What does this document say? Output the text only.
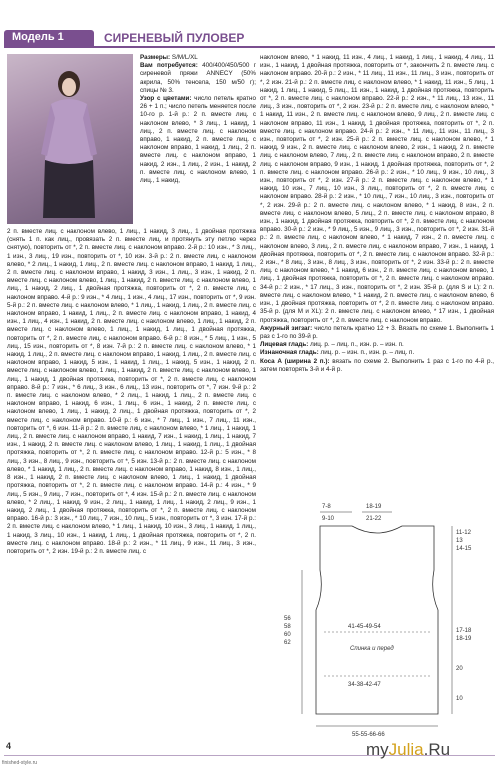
Модель 1	СИРЕНЕВЫЙ ПУЛОВЕР

Размеры: S/M/L/XL

Вам потребуется: 400/400/450/500 г сиреневой пряжи ANNECY (50% акрила, 50% тенсела, 150 м/50 г); спицы № 3.

Узор с цветами: число петель кратно 26 + 1 п.; число петель меняется после 10-го р. 1-й р.: 2 п. вместе лиц. с наклоном влево, * 3 лиц., 1 накид, 1 лиц., 2 п. вместе лиц. с наклоном вправо, 1 накид, 2 п. вместе лиц. с наклоном вправо, 1 накид, 1 лиц., 2 п. вместе лиц. с наклоном вправо, 1 накид, 2 изн., 1 лиц., 2 изн., 1 накид, 2 п. вместе лиц. с наклоном влево, 1 лиц., 1 накид,

2 п. вместе лиц. с наклоном влево, 1 лиц., 1 накид, 3 лиц., 1 двойная протяжка (снять 1 п. как лиц., провязать 2 п. вместе лиц. и протянуть эту петлю через снятую), повторить от *, 2 п. вместе лиц. с наклоном вправо. 2-й р.: 10 изн., * 3 лиц., 1 изн., 3 лиц., 19 изн., повторить от *, 10 изн. 3-й р.: 2 п. вместе лиц. с наклоном влево, * 2 лиц., 1 накид, 1 лиц., 2 п. вместе лиц. с наклоном вправо, 1 накид, 1 лиц., 2 п. вместе лиц. с наклоном вправо, 1 накид, 3 изн., 1 лиц., 3 изн., 1 накид, 2 п. вместе лиц. с наклоном влево, 1 лиц., 1 накид, 2 п. вместе лиц. с наклоном влево, 1 лиц., 1 накид, 2 лиц., 1 двойная протяжка, повторить от *, 2 п. вместе лиц. с наклоном вправо. 4-й р.: 9 изн., * 4 лиц., 1 изн., 4 лиц., 17 изн., повторить от *, 9 изн. 5-й р.: 2 п. вместе лиц. с наклоном влево, * 1 лиц., 1 накид, 1 лиц., 2 п. вместе лиц. с наклоном вправо, 1 накид, 1 лиц., 2 п. вместе лиц. с наклоном вправо, 1 накид, 4 изн., 1 лиц., 4 изн., 1 накид, 2 п. вместе лиц. с наклоном влево, 1 лиц., 1 накид, 2 п. вместе лиц. с наклоном влево, 1 лиц., 1 накид, 1 лиц., 1 двойная протяжка, повторить от *, 2 п. вместе лиц. с наклоном вправо. 6-й р.: 8 изн., * 5 лиц., 1 изн., 5 лиц., 15 изн., повторить от *, 8 изн. 7-й р.: 2 п. вместе лиц. с наклоном влево, * 1 накид, 1 лиц., 2 п. вместе лиц. с наклоном вправо, 1 накид, 1 лиц., 2 п. вместе лиц. с наклоном вправо, 1 накид, 5 изн., 1 накид, 1 лиц., 1 накид, 5 изн., 1 накид, 2 п. вместе лиц. с наклоном влево, 1 лиц., 1 накид, 2 п. вместе лиц. с наклоном влево, 1 лиц., 1 накид, 1 двойная протяжка, повторить от *, 2 п. вместе лиц. с наклоном вправо. 8-й р.: 7 изн., * 6 лиц., 3 изн., 6 лиц., 13 изн., повторить от *, 7 изн. 9-й р.: 2 п. вместе лиц. с наклоном влево, * 2 лиц., 1 накид, 1 лиц., 2 п. вместе лиц. с наклоном вправо, 1 накид, 6 изн., 1 лиц., 6 изн., 1 накид, 2 п. вместе лиц. с наклоном влево, 1 лиц., 1 накид, 2 лиц., 1 двойная протяжка, повторить от *, 2 вместе лиц. с наклоном вправо. 10-й р.: 6 изн., * 7 лиц., 1 изн., 7 лиц., 11 изн., повторить от *, 6 изн. 11-й р.: 2 п. вместе лиц. с наклоном влево, * 1 лиц., 1 накид, 1 лиц., 2 п. вместе лиц. с наклоном вправо, 1 накид, 7 изн., 1 накид, 1 лиц., 1 накид, 7 изн., 1 накид, 2 п. вместе лиц. с наклоном влево, 1 лиц., 1 накид, 1 лиц., 1 двойная протяжка, повторить от *, 2 п. вместе лиц. с наклоном вправо. 12-й р.: 5 изн., * 8 лиц., 3 изн., 8 лиц., 9 изн., повторить от *, 5 изн. 13-й р.: 2 п. вместе лиц. с наклоном влево, * 1 накид, 1 лиц., 2 п. вместе лиц. с наклоном вправо, 1 накид, 8 изн., 1 лиц., 8 изн., 1 накид, 2 п. вместе лиц. с наклоном влево, 1 лиц., 1 накид, 1 двойная протяжка, повторить от *, 2 п. вместе лиц. с наклоном вправо. 14-й р.: 4 изн., * 9 лиц., 5 изн., 9 лиц., 7 изн., повторить от *, 4 изн. 15-й р.: 2 п. вместе лиц. с наклоном влево, * 2 лиц., 1 накид, 9 изн., 2 лиц., 1 накид, 1 лиц., 1 накид, 2 лиц., 9 изн., 1 накид, 2 лиц., 1 двойная протяжка, повторить от *, 2 п. вместе лиц. с наклоном вправо. 16-й р.: 3 изн., * 10 лиц., 7 изн., 10 лиц., 5 изн., повторить от *, 3 изн. 17-й р.: 2 п. вместе лиц. с наклоном влево, * 1 лиц., 1 накид, 10 изн., 3 лиц., 1 накид, 1 лиц., 1 накид, 3 лиц., 10 изн., 1 накид, 1 лиц., 1 двойная протяжка, повторить от *, 2 п. вместе лиц. с наклоном вправо. 18-й р.: 2 изн., * 11 лиц., 9 изн., 11 лиц., 3 изн., повторить от *, 2 изн. 19-й р.: 2 п. вместе лиц. с

наклоном влево, * 1 накид, 11 изн., 4 лиц., 1 накид, 1 лиц., 1 накид, 4 лиц., 11 изн., 1 накид, 1 двойная протяжка, повторить от *, закончить 2 п. вместе лиц. с наклоном вправо. 20-й р.: 2 изн., * 11 лиц., 11 изн., 11 лиц., 3 изн., повторить от *, 2 изн. 21-й р.: 2 п. вместе лиц. с наклоном влево, * 1 накид, 11 изн., 5 лиц., 1 накид, 1 лиц., 1 накид, 5 лиц., 11 изн., 1 накид, 1 двойная протяжка, повторить от *, 2 п. вместе лиц. с наклоном вправо. 22-й р.: 2 изн., * 11 лиц., 13 изн., 11 лиц., 3 изн., повторить от *, 2 изн. 23-й р.: 2 п. вместе лиц. с наклоном влево, * 1 накид, 11 изн., 2 п. вместе лиц. с наклоном влево, 9 лиц., 2 п. вместе лиц. с наклоном вправо, 11 изн., 1 накид, 1 двойная протяжка, повторить от *, 2 п. вместе лиц. с наклоном вправо. 24-й р.: 2 изн., * 11 лиц., 11 изн., 11 лиц., 3 изн., повторить от *, 2 изн. 25-й р.: 2 п. вместе лиц. с наклоном влево, * 1 накид, 9 изн., 2 п. вместе лиц. с наклоном влево, 2 изн., 1 накид, 2 п. вместе лиц. с наклоном влево, 7 лиц., 2 п. вместе лиц. с наклоном вправо, 2 п. вместе лиц. с наклоном вправо, 9 изн., 1 накид, 1 двойная протяжка, повторить от *, 2 п. вместе лиц. с наклоном вправо. 26-й р.: 2 изн., * 10 лиц., 9 изн., 10 лиц., 3 изн., повторить от *, 2 изн. 27-й р.: 2 п. вместе лиц. с наклоном влево, * 1 накид, 10 изн., 7 лиц., 10 изн., 3 лиц., повторить от *, 2 п. вместе лиц. с наклоном вправо. 28-й р.: 2 изн., * 10 лиц., 7 изн., 10 лиц., 3 изн., повторить от *, 2 изн. 29-й р.: 2 п. вместе лиц. с наклоном влево, * 1 накид, 8 изн., 2 п. вместе лиц. с наклоном влево, 5 лиц., 2 п. вместе лиц. с наклоном вправо, 8 изн., 1 накид, 1 двойная протяжка, повторить от *, 2 п. вместе лиц. с наклоном вправо. 30-й р.: 2 изн., * 9 лиц., 5 изн., 9 лиц., 3 изн., повторить от *, 2 изн. 31-й р.: 2 п. вместе лиц. с наклоном влево, * 1 накид, 7 изн., 2 п. вместе лиц. с наклоном влево, 3 лиц., 2 п. вместе лиц. с наклоном вправо, 7 изн., 1 накид, 1 двойная протяжка, повторить от *, 2 п. вместе лиц. с наклоном вправо. 32-й р.: 2 изн., * 8 лиц., 3 изн., 8 лиц., 3 изн., повторить от *, 2 изн. 33-й р.: 2 п. вместе лиц. с наклоном влево, * 1 накид, 6 изн., 2 п. вместе лиц. с наклоном влево, 1 лиц., 1 двойная протяжка, повторить от *, 2 п. вместе лиц. с наклоном вправо. 34-й р.: 2 изн., * 17 лиц., 3 изн., повторить от *, 2 изн. 35-й р. (для S и L): 2 п. вместе лиц. с наклоном влево, * 1 накид, 2 п. вместе лиц. с наклоном влево, 6 изн., 1 двойная протяжка, повторить от *, 2 п. вместе лиц. с наклоном вправо. 35-й р. (для M и XL): 2 п. вместе лиц. с наклоном влево, * 17 изн., 1 двойная протяжка, повторить от *, 2 п. вместе лиц. с наклоном вправо.

Ажурный зигзаг: число петель кратно 12 + 3. Вязать по схеме 1. Выполнить 1 раз с 1-го по 39-й р.

Лицевая гладь: лиц. р. – лиц. п., изн. р. – изн. п.

Изнаночная гладь: лиц. р. – изн. п., изн. р. – лиц. п.

Коса А (ширина 2 п.): вязать по схеме 2. Выполнить 1 раз с 1-го по 4-й р., затем повторять 3-й и 4-й р.

7-8
9-10
18-19
21-22
11-12
13
14-15
56
58
60
62
41-45-49-54
Спинка и перед
17-18
18-19
20
34-38-42-47
10
55-55-66-66
4
finished-style.ru
myJulia.Ru
